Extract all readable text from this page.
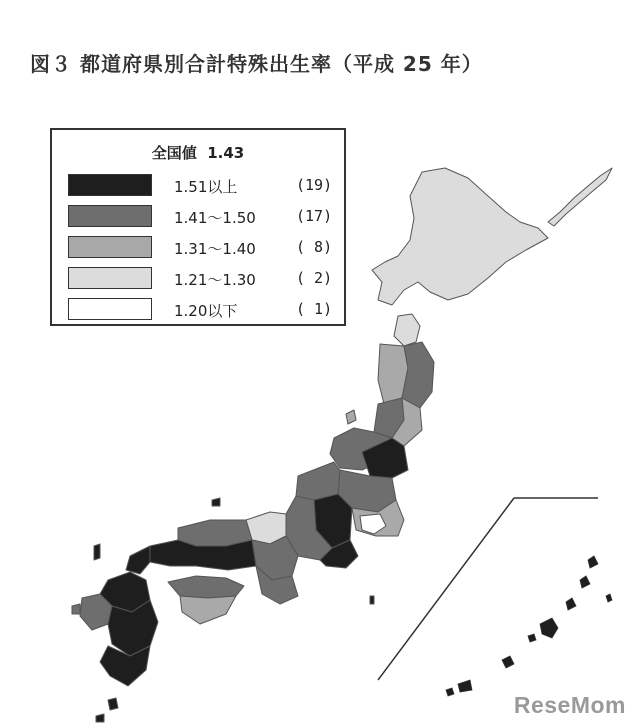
図３ 都道府県別合計特殊出生率（平成 25 年）
全国値 1.43
1.51以上	(19)
1.41～1.50	(17)
1.31～1.40	( 8)
1.21～1.30	( 2)
1.20以下	( 1)
ReseMom
